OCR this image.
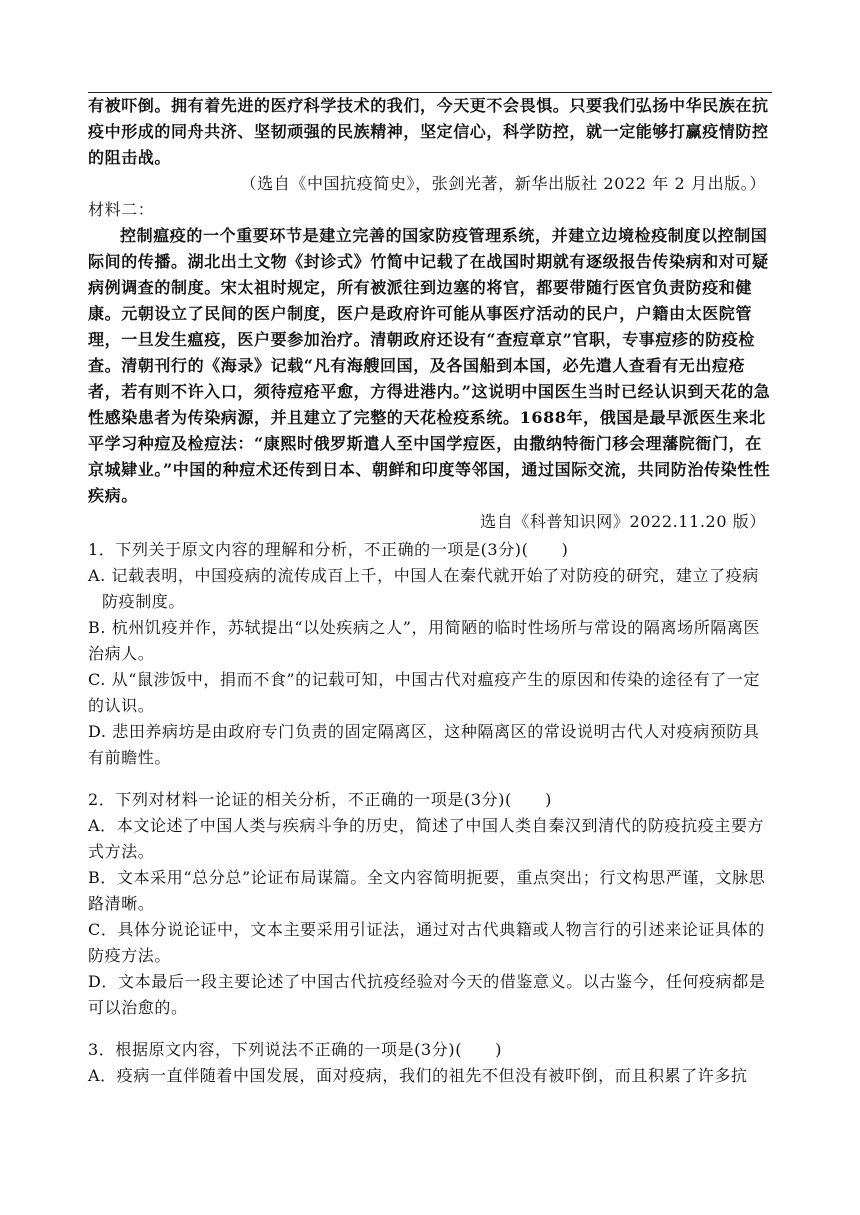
有被吓倒。拥有着先进的医疗科学技术的我们，今天更不会畏惧。只要我们弘扬中华民族在抗疫中形成的同舟共济、坚韧顽强的民族精神，坚定信心，科学防控，就一定能够打赢疫情防控的阻击战。

（选自《中国抗疫简史》，张剑光著，新华出版社 2022 年 2 月出版。）

材料二：

控制瘟疫的一个重要环节是建立完善的国家防疫管理系统，并建立边境检疫制度以控制国际间的传播。湖北出土文物《封诊式》竹简中记载了在战国时期就有逐级报告传染病和对可疑病例调查的制度。宋太祖时规定，所有被派往到边塞的将官，都要带随行医官负责防疫和健康。元朝设立了民间的医户制度，医户是政府许可能从事医疗活动的民户，户籍由太医院管理，一旦发生瘟疫，医户要参加治疗。清朝政府还设有“查痘章京”官职，专事痘疹的防疫检查。清朝刊行的《海录》记载“凡有海艘回国，及各国船到本国，必先遣人查看有无出痘疮者，若有则不许入口，须待痘疮平愈，方得进港内。”这说明中国医生当时已经认识到天花的急性感染患者为传染病源，并且建立了完整的天花检疫系统。1688年，俄国是最早派医生来北平学习种痘及检痘法：“康熙时俄罗斯遣人至中国学痘医，由撒纳特衙门移会理藩院衙门，在京城肄业。”中国的种痘术还传到日本、朝鲜和印度等邻国，通过国际交流，共同防治传染性性疾病。

选自《科普知识网》2022.11.20 版）

1．下列关于原文内容的理解和分析，不正确的一项是(3分)(　　)

A. 记载表明，中国疫病的流传成百上千，中国人在秦代就开始了对防疫的研究，建立了疫病防疫制度。

B. 杭州饥疫并作，苏轼提出“以处疾病之人”，用简陋的临时性场所与常设的隔离场所隔离医治病人。

C. 从“鼠涉饭中，捐而不食”的记载可知，中国古代对瘟疫产生的原因和传染的途径有了一定的认识。

D. 悲田养病坊是由政府专门负责的固定隔离区，这种隔离区的常设说明古代人对疫病预防具有前瞻性。

2．下列对材料一论证的相关分析，不正确的一项是(3分)(　　)

A．本文论述了中国人类与疾病斗争的历史，简述了中国人类自秦汉到清代的防疫抗疫主要方式方法。

B．文本采用“总分总”论证布局谋篇。全文内容简明扼要，重点突出；行文构思严谨，文脉思路清晰。

C．具体分说论证中，文本主要采用引证法，通过对古代典籍或人物言行的引述来论证具体的防疫方法。

D．文本最后一段主要论述了中国古代抗疫经验对今天的借鉴意义。以古鉴今，任何疫病都是可以治愈的。

3．根据原文内容，下列说法不正确的一项是(3分)(　　)

A．疫病一直伴随着中国发展，面对疫病，我们的祖先不但没有被吓倒，而且积累了许多抗
